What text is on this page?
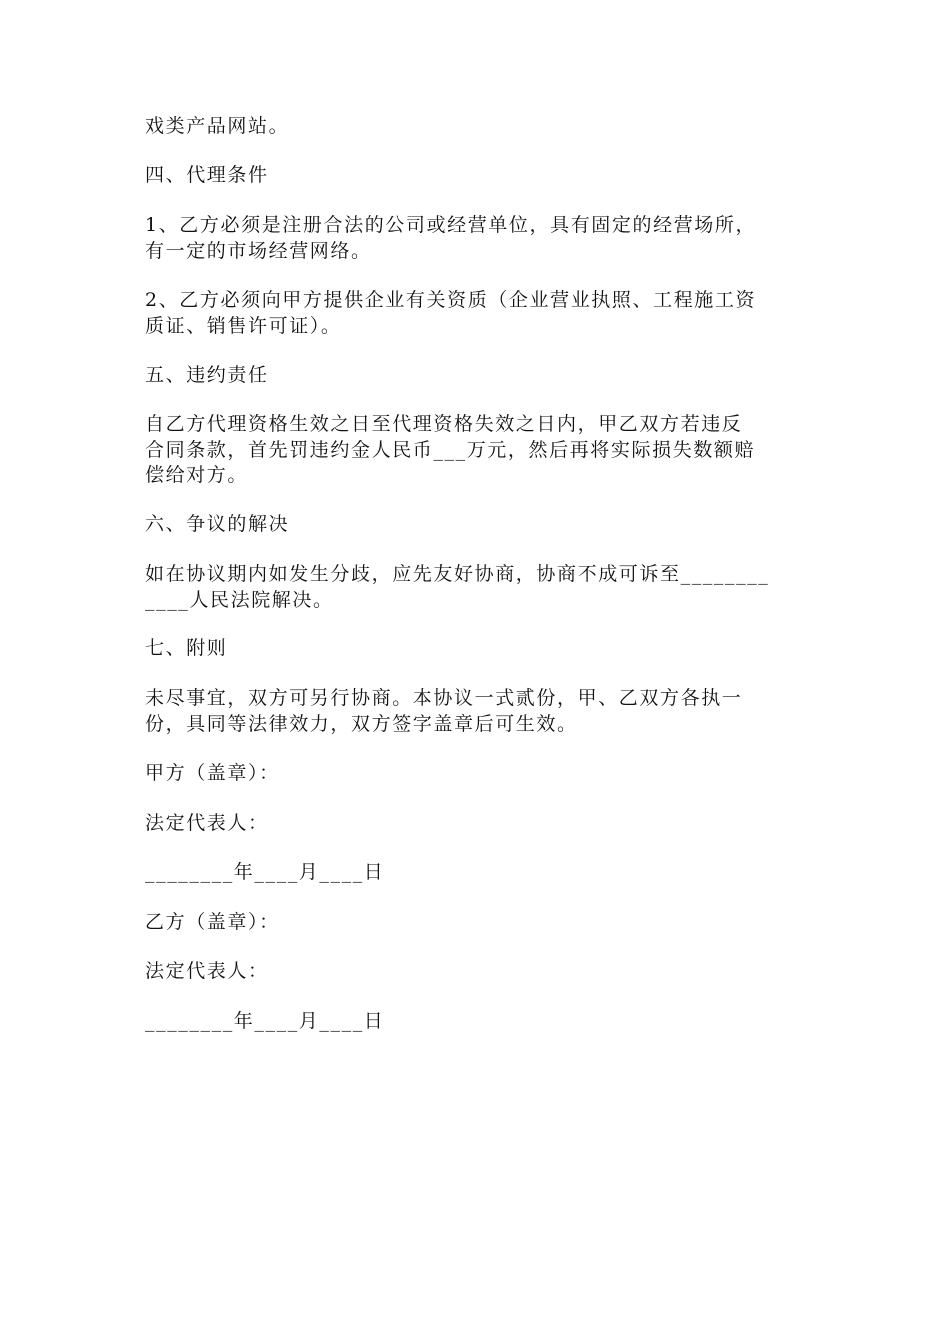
戏类产品网站。
四、代理条件
1、乙方必须是注册合法的公司或经营单位，具有固定的经营场所，
有一定的市场经营网络。
2、乙方必须向甲方提供企业有关资质（企业营业执照、工程施工资
质证、销售许可证）。
五、违约责任
自乙方代理资格生效之日至代理资格失效之日内，甲乙双方若违反
合同条款，首先罚违约金人民币___万元，然后再将实际损失数额赔
偿给对方。
六、争议的解决
如在协议期内如发生分歧，应先友好协商，协商不成可诉至________
____人民法院解决。
七、附则
未尽事宜，双方可另行协商。本协议一式贰份，甲、乙双方各执一
份，具同等法律效力，双方签字盖章后可生效。
甲方（盖章）：
法定代表人：
________年____月____日
乙方（盖章）：
法定代表人：
________年____月____日
